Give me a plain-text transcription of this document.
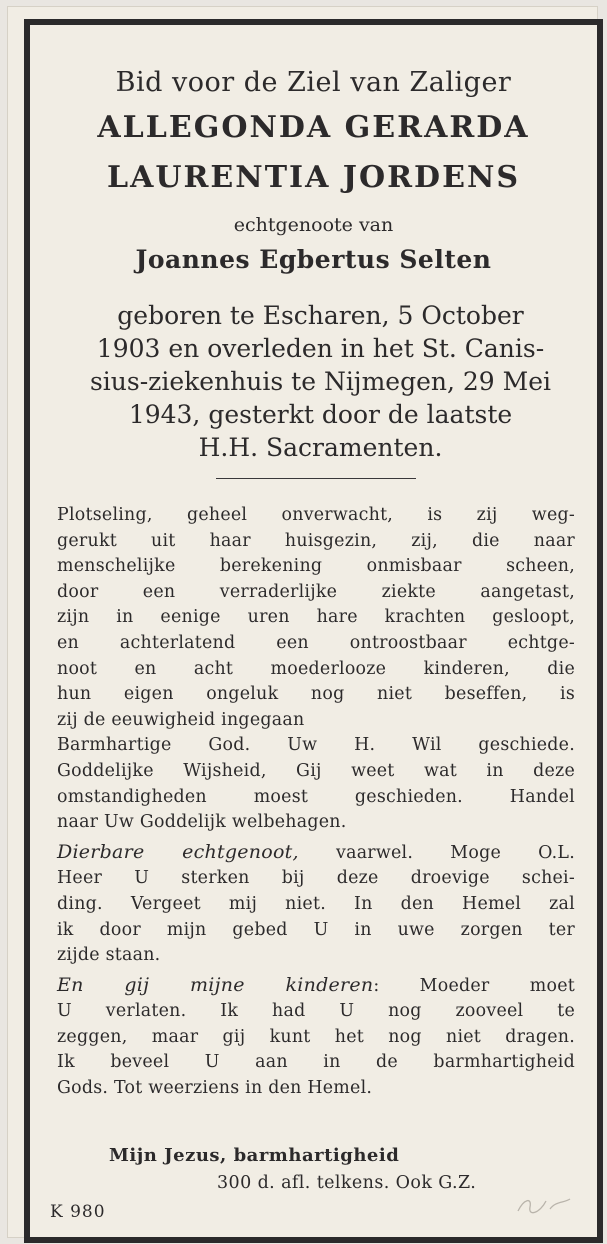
Bid voor de Ziel van Zaliger
ALLEGONDA GERARDA
LAURENTIA JORDENS
echtgenoote van
Joannes Egbertus Selten
geboren te Escharen, 5 October
1903 en overleden in het St. Canis-
sius-ziekenhuis te Nijmegen, 29 Mei
1943, gesterkt door de laatste
H.H. Sacramenten.

Plotseling, geheel onverwacht, is zij weg-
gerukt uit haar huisgezin, zij, die naar
menschelijke berekening onmisbaar scheen,
door een verraderlijke ziekte aangetast,
zijn in eenige uren hare krachten gesloopt,
en achterlatend een ontroostbaar echtge-
noot en acht moederlooze kinderen, die
hun eigen ongeluk nog niet beseffen, is
zij de eeuwigheid ingegaan
Barmhartige God. Uw H. Wil geschiede.
Goddelijke Wijsheid, Gij weet wat in deze
omstandigheden moest geschieden. Handel
naar Uw Goddelijk welbehagen.

Dierbare echtgenoot, vaarwel. Moge O.L.
Heer U sterken bij deze droevige schei-
ding. Vergeet mij niet. In den Hemel zal
ik door mijn gebed U in uwe zorgen ter
zijde staan.

En gij mijne kinderen: Moeder moet
U verlaten. Ik had U nog zooveel te
zeggen, maar gij kunt het nog niet dragen.
Ik beveel U aan in de barmhartigheid
Gods. Tot weerziens in den Hemel.

Mijn Jezus, barmhartigheid
300 d. afl. telkens. Ook G.Z.
K 980
